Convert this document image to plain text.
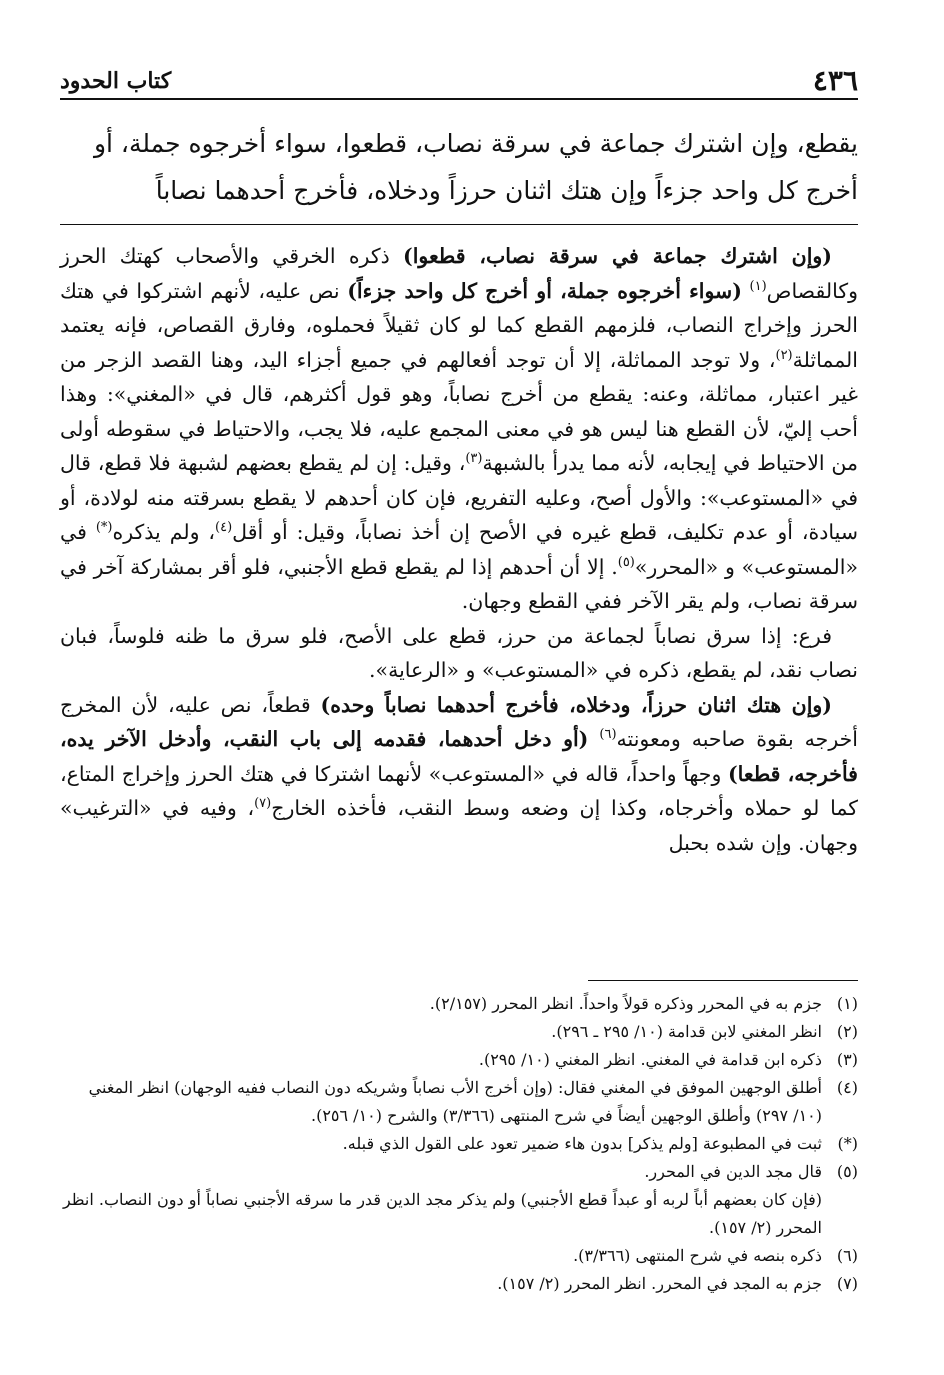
٤٣٦
كتاب الحدود

يقطع، وإن اشترك جماعة في سرقة نصاب، قطعوا، سواء أخرجوه جملة، أو

أخرج كل واحد جزءاً وإن هتك اثنان حرزاً ودخلاه، فأخرج أحدهما نصاباً

(وإن اشترك جماعة في سرقة نصاب، قطعوا) ذكره الخرقي والأصحاب كهتك الحرز وكالقصاص$^{(١)}$ (سواء أخرجوه جملة، أو أخرج كل واحد جزءاً) نص عليه، لأنهم اشتركوا في هتك الحرز وإخراج النصاب، فلزمهم القطع كما لو كان ثقيلاً فحملوه، وفارق القصاص، فإنه يعتمد المماثلة$^{(٢)}$، ولا توجد المماثلة، إلا أن توجد أفعالهم في جميع أجزاء اليد، وهنا القصد الزجر من غير اعتبار، مماثلة، وعنه: يقطع من أخرج نصاباً، وهو قول أكثرهم، قال في «المغني»: وهذا أحب إليّ، لأن القطع هنا ليس هو في معنى المجمع عليه، فلا يجب، والاحتياط في سقوطه أولى من الاحتياط في إيجابه، لأنه مما يدرأ بالشبهة$^{(٣)}$، وقيل: إن لم يقطع بعضهم لشبهة فلا قطع، قال في «المستوعب»: والأول أصح، وعليه التفريع، فإن كان أحدهم لا يقطع بسرقته منه لولادة، أو سيادة، أو عدم تكليف، قطع غيره في الأصح إن أخذ نصاباً، وقيل: أو أقل$^{(٤)}$، ولم يذكره(*) في «المستوعب» و «المحرر»$^{(٥)}$. إلا أن أحدهم إذا لم يقطع قطع الأجنبي، فلو أقر بمشاركة آخر في سرقة نصاب، ولم يقر الآخر ففي القطع وجهان.

فرع: إذا سرق نصاباً لجماعة من حرز، قطع على الأصح، فلو سرق ما ظنه فلوساً، فبان نصاب نقد، لم يقطع، ذكره في «المستوعب» و «الرعاية».

(وإن هتك اثنان حرزاً، ودخلاه، فأخرج أحدهما نصاباً وحده) قطعاً، نص عليه، لأن المخرج أخرجه بقوة صاحبه ومعونته$^{(٦)}$ (أو دخل أحدهما، فقدمه إلى باب النقب، وأدخل الآخر يده، فأخرجه، قطعا) وجهاً واحداً، قاله في «المستوعب» لأنهما اشتركا في هتك الحرز وإخراج المتاع، كما لو حملاه وأخرجاه، وكذا إن وضعه وسط النقب، فأخذه الخارج$^{(٧)}$، وفيه في «الترغيب» وجهان. وإن شده بحبل

(١)
جزم به في المحرر وذكره قولاً واحداً. انظر المحرر (٢/١٥٧).
(٢)
انظر المغني لابن قدامة (١٠/ ٢٩٥ ـ ٢٩٦).
(٣)
ذكره ابن قدامة في المغني. انظر المغني (١٠/ ٢٩٥).
(٤)
أطلق الوجهين الموفق في المغني فقال: (وإن أخرج الأب نصاباً وشريكه دون النصاب ففيه الوجهان) انظر المغني (١٠/ ٢٩٧) وأطلق الوجهين أيضاً في شرح المنتهى (٣/٣٦٦) والشرح (١٠/ ٢٥٦).
(*)
ثبت في المطبوعة [ولم يذكر] بدون هاء ضمير تعود على القول الذي قبله.
(٥)
قال مجد الدين في المحرر.
(فإن كان بعضهم أباً لربه أو عبداً قطع الأجنبي) ولم يذكر مجد الدين قدر ما سرقه الأجنبي نصاباً أو دون النصاب. انظر المحرر (٢/ ١٥٧).
(٦)
ذكره بنصه في شرح المنتهى (٣/٣٦٦).
(٧)
جزم به المجد في المحرر. انظر المحرر (٢/ ١٥٧).
